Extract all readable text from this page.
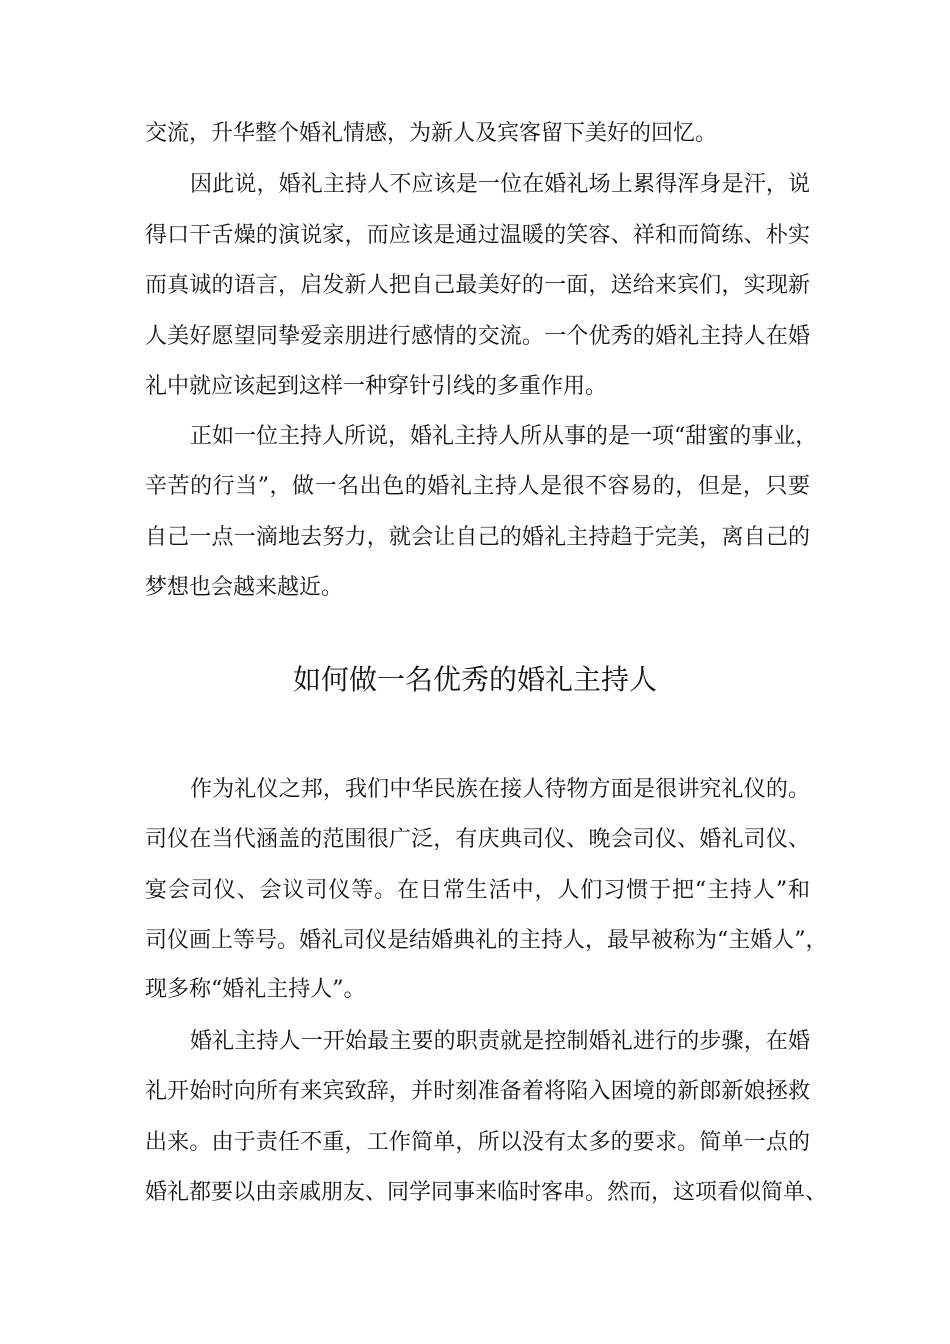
交流，升华整个婚礼情感，为新人及宾客留下美好的回忆。
因此说，婚礼主持人不应该是一位在婚礼场上累得浑身是汗，说
得口干舌燥的演说家，而应该是通过温暖的笑容、祥和而简练、朴实
而真诚的语言，启发新人把自己最美好的一面，送给来宾们，实现新
人美好愿望同挚爱亲朋进行感情的交流。一个优秀的婚礼主持人在婚
礼中就应该起到这样一种穿针引线的多重作用。
正如一位主持人所说，婚礼主持人所从事的是一项“甜蜜的事业，
辛苦的行当”，做一名出色的婚礼主持人是很不容易的，但是，只要
自己一点一滴地去努力，就会让自己的婚礼主持趋于完美，离自己的
梦想也会越来越近。
如何做一名优秀的婚礼主持人
作为礼仪之邦，我们中华民族在接人待物方面是很讲究礼仪的。
司仪在当代涵盖的范围很广泛，有庆典司仪、晚会司仪、婚礼司仪、
宴会司仪、会议司仪等。在日常生活中，人们习惯于把“主持人”和
司仪画上等号。婚礼司仪是结婚典礼的主持人，最早被称为“主婚人”，
现多称“婚礼主持人”。
婚礼主持人一开始最主要的职责就是控制婚礼进行的步骤，在婚
礼开始时向所有来宾致辞，并时刻准备着将陷入困境的新郎新娘拯救
出来。由于责任不重，工作简单，所以没有太多的要求。简单一点的
婚礼都要以由亲戚朋友、同学同事来临时客串。然而，这项看似简单、
